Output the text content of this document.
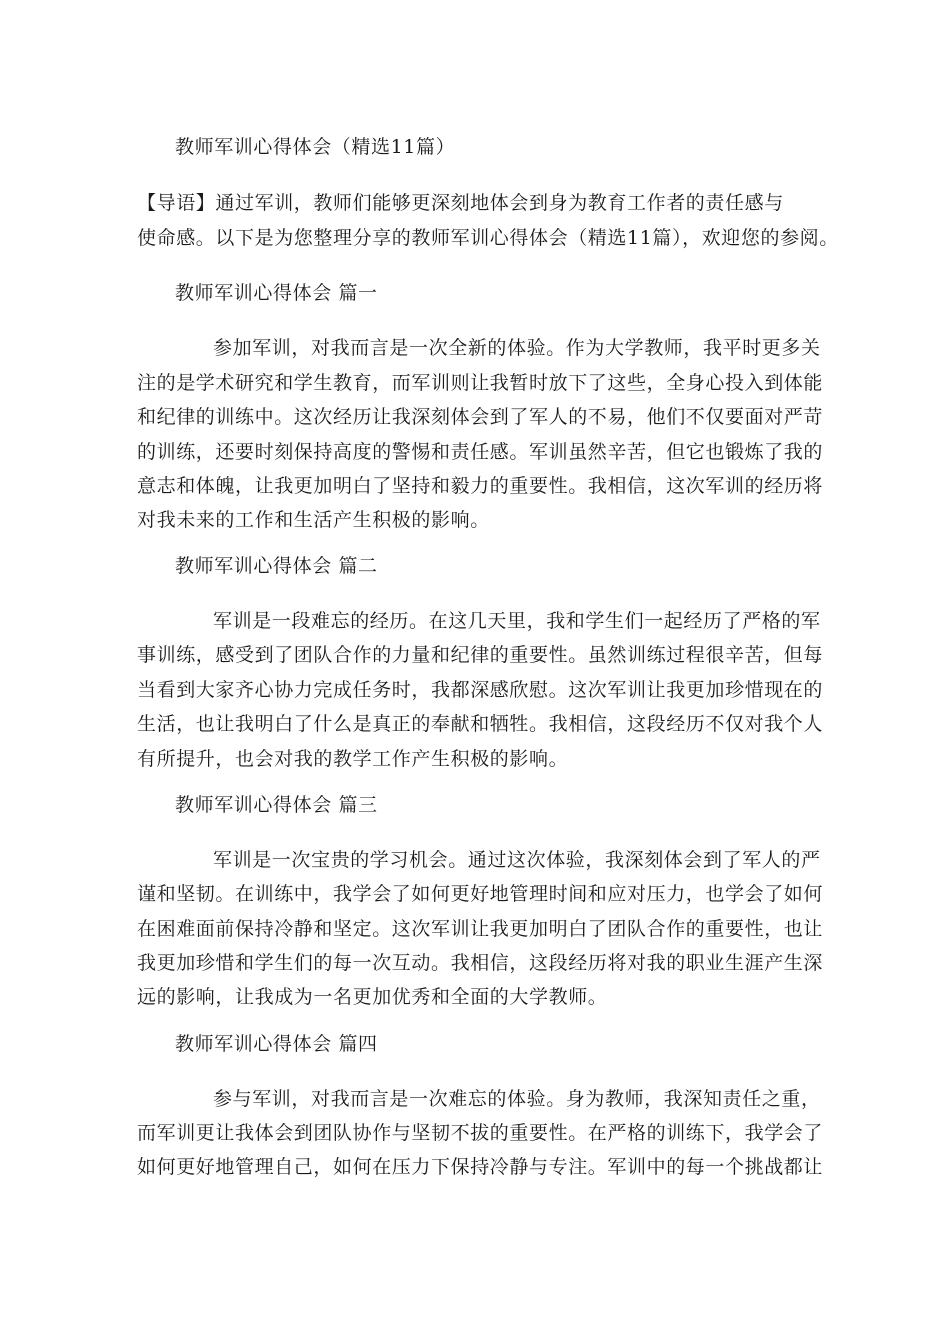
教师军训心得体会（精选11篇）
【导语】通过军训，教师们能够更深刻地体会到身为教育工作者的责任感与
使命感。以下是为您整理分享的教师军训心得体会（精选11篇），欢迎您的参阅。
教师军训心得体会 篇一
参加军训，对我而言是一次全新的体验。作为大学教师，我平时更多关
注的是学术研究和学生教育，而军训则让我暂时放下了这些，全身心投入到体能
和纪律的训练中。这次经历让我深刻体会到了军人的不易，他们不仅要面对严苛
的训练，还要时刻保持高度的警惕和责任感。军训虽然辛苦，但它也锻炼了我的
意志和体魄，让我更加明白了坚持和毅力的重要性。我相信，这次军训的经历将
对我未来的工作和生活产生积极的影响。
教师军训心得体会 篇二
军训是一段难忘的经历。在这几天里，我和学生们一起经历了严格的军
事训练，感受到了团队合作的力量和纪律的重要性。虽然训练过程很辛苦，但每
当看到大家齐心协力完成任务时，我都深感欣慰。这次军训让我更加珍惜现在的
生活，也让我明白了什么是真正的奉献和牺牲。我相信，这段经历不仅对我个人
有所提升，也会对我的教学工作产生积极的影响。
教师军训心得体会 篇三
军训是一次宝贵的学习机会。通过这次体验，我深刻体会到了军人的严
谨和坚韧。在训练中，我学会了如何更好地管理时间和应对压力，也学会了如何
在困难面前保持冷静和坚定。这次军训让我更加明白了团队合作的重要性，也让
我更加珍惜和学生们的每一次互动。我相信，这段经历将对我的职业生涯产生深
远的影响，让我成为一名更加优秀和全面的大学教师。
教师军训心得体会 篇四
参与军训，对我而言是一次难忘的体验。身为教师，我深知责任之重，
而军训更让我体会到团队协作与坚韧不拔的重要性。在严格的训练下，我学会了
如何更好地管理自己，如何在压力下保持冷静与专注。军训中的每一个挑战都让
